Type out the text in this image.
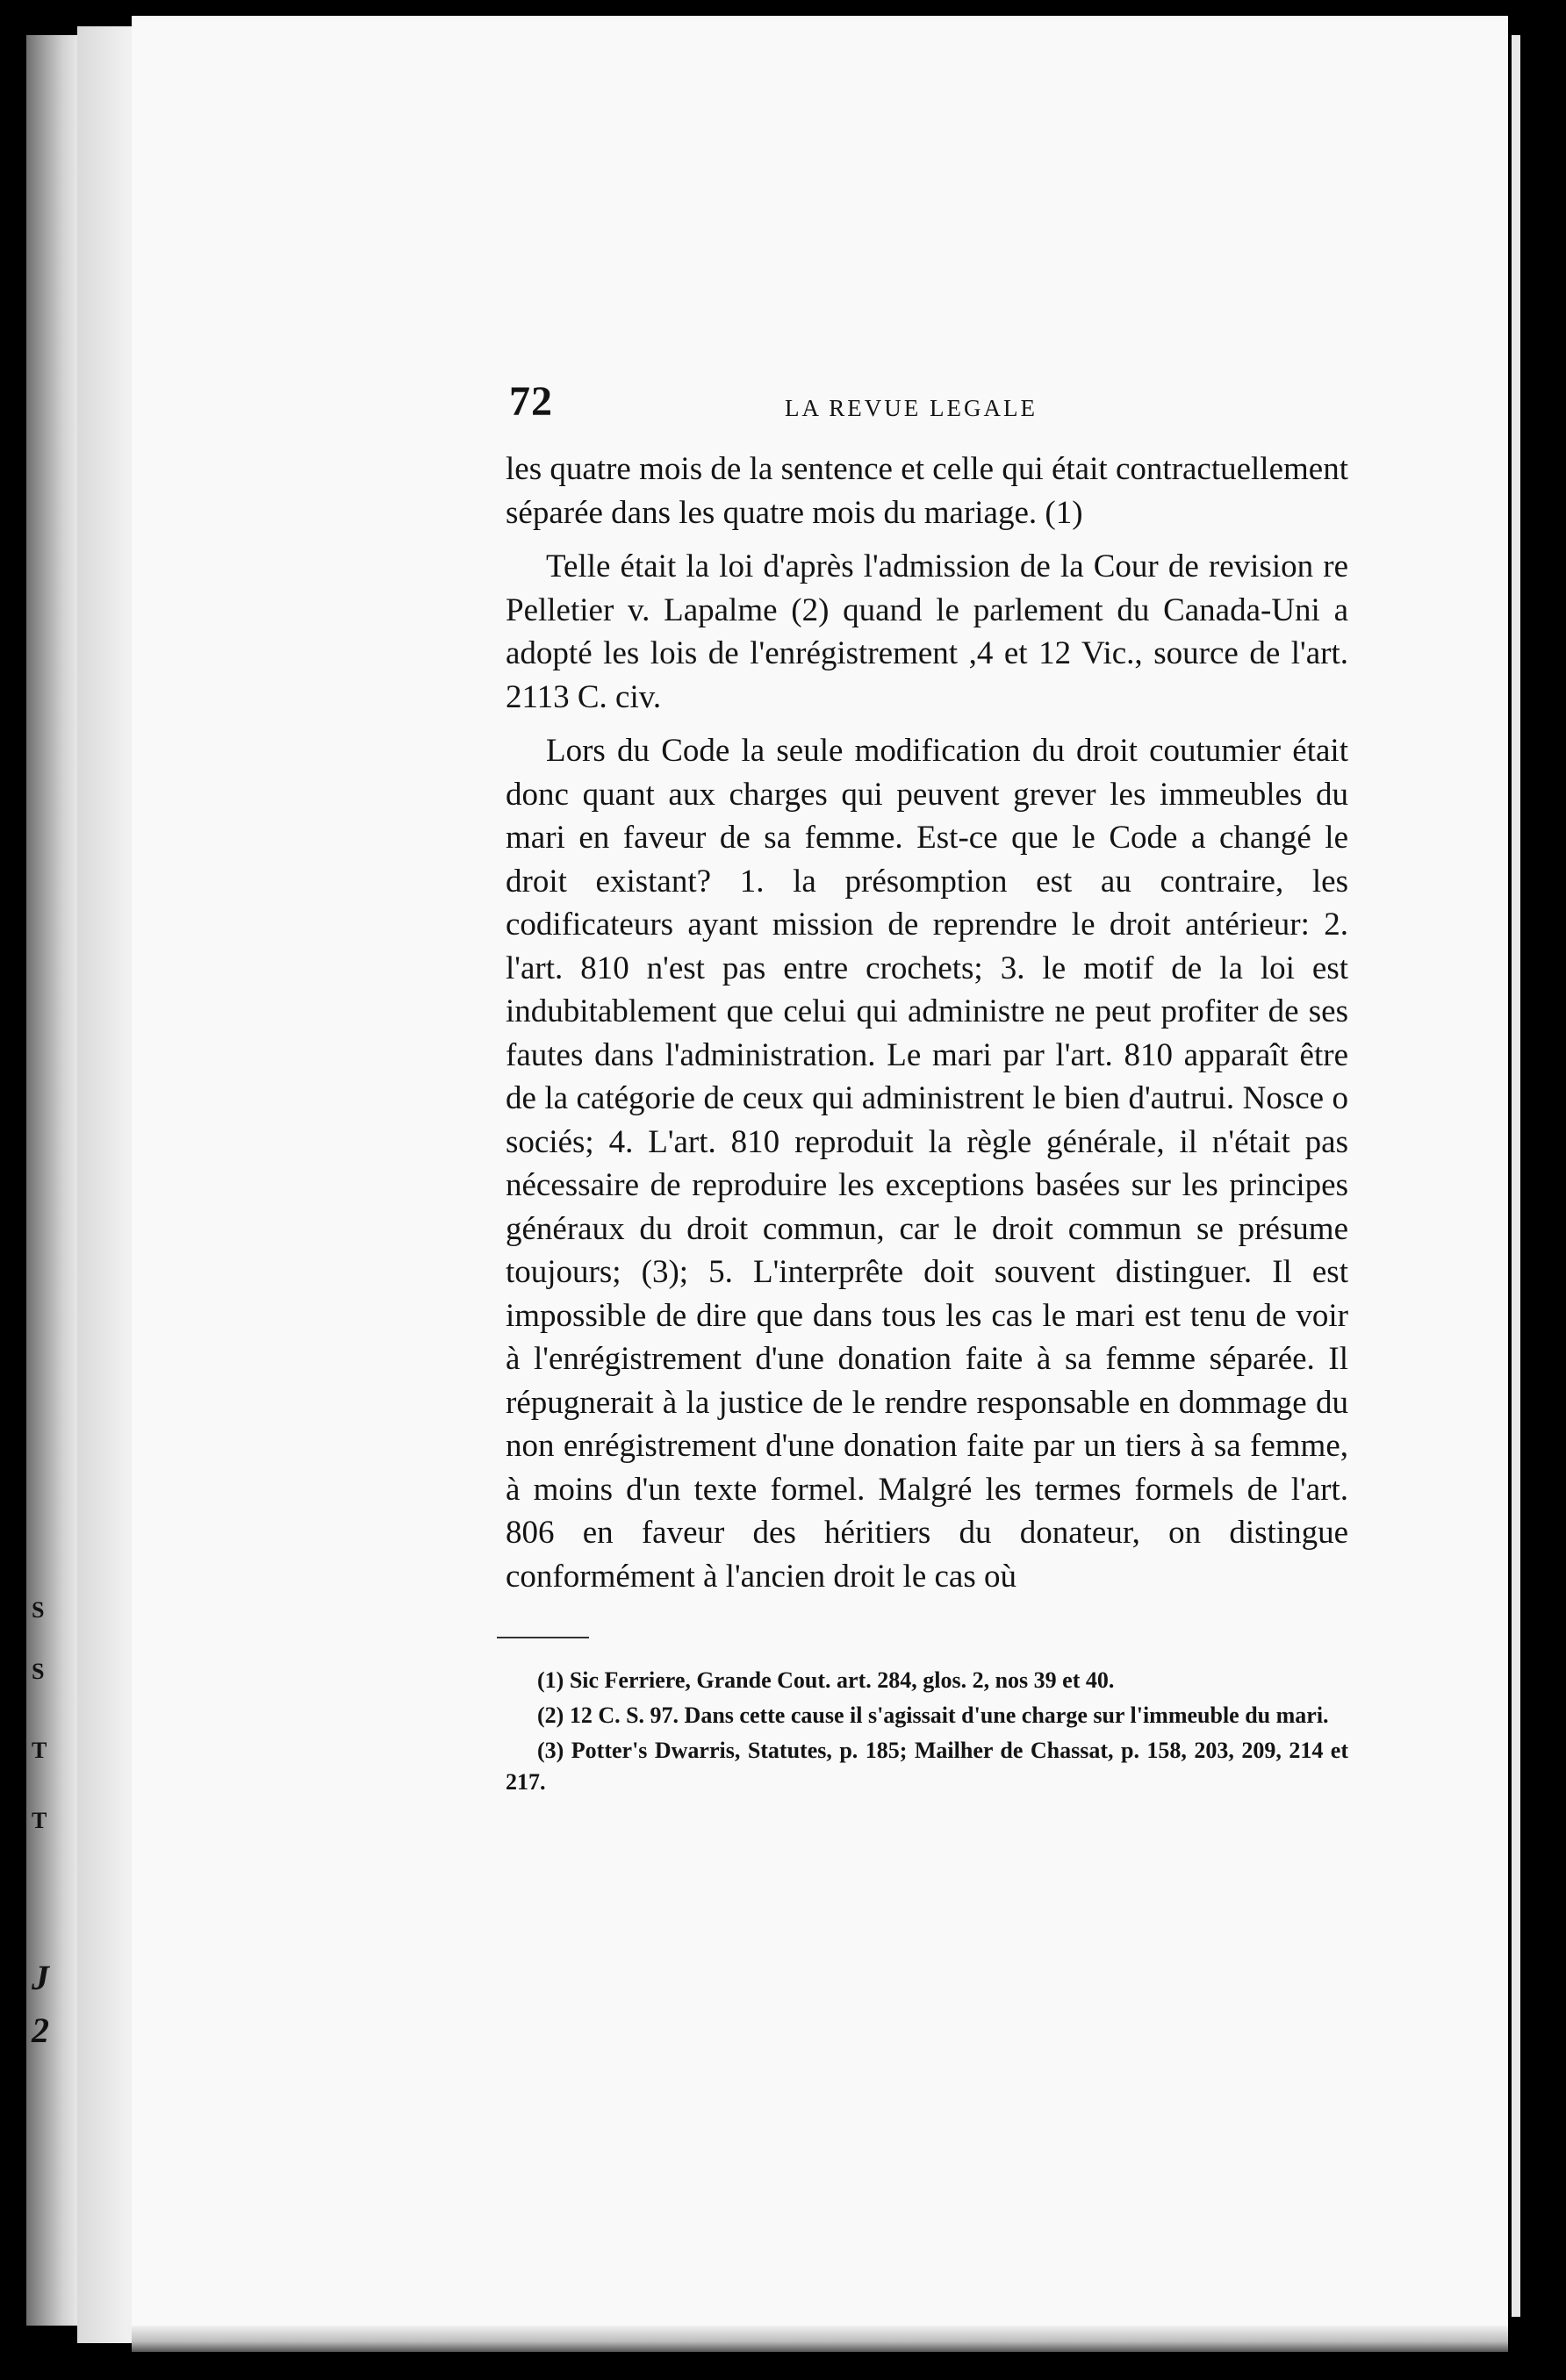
S
S
T
T
J
2
72	LA REVUE LEGALE

les quatre mois de la sentence et celle qui était contractuellement séparée dans les quatre mois du mariage. (1)

Telle était la loi d'après l'admission de la Cour de revision re Pelletier v. Lapalme (2) quand le parlement du Canada-Uni a adopté les lois de l'enrégistrement ,4 et 12 Vic., source de l'art. 2113 C. civ.

Lors du Code la seule modification du droit coutumier était donc quant aux charges qui peuvent grever les immeubles du mari en faveur de sa femme. Est-ce que le Code a changé le droit existant? 1. la présomption est au contraire, les codificateurs ayant mission de reprendre le droit antérieur: 2. l'art. 810 n'est pas entre crochets; 3. le motif de la loi est indubitablement que celui qui administre ne peut profiter de ses fautes dans l'administration. Le mari par l'art. 810 apparaît être de la catégorie de ceux qui administrent le bien d'autrui. Nosce o sociés; 4. L'art. 810 reproduit la règle générale, il n'était pas nécessaire de reproduire les exceptions basées sur les principes généraux du droit commun, car le droit commun se présume toujours; (3); 5. L'interprête doit souvent distinguer. Il est impossible de dire que dans tous les cas le mari est tenu de voir à l'enrégistrement d'une donation faite à sa femme séparée. Il répugnerait à la justice de le rendre responsable en dommage du non enrégistrement d'une donation faite par un tiers à sa femme, à moins d'un texte formel. Malgré les termes formels de l'art. 806 en faveur des héritiers du donateur, on distingue conformément à l'ancien droit le cas où

(1) Sic Ferriere, Grande Cout. art. 284, glos. 2, nos 39 et 40.

(2) 12 C. S. 97. Dans cette cause il s'agissait d'une charge sur l'immeuble du mari.

(3) Potter's Dwarris, Statutes, p. 185; Mailher de Chassat, p. 158, 203, 209, 214 et 217.
